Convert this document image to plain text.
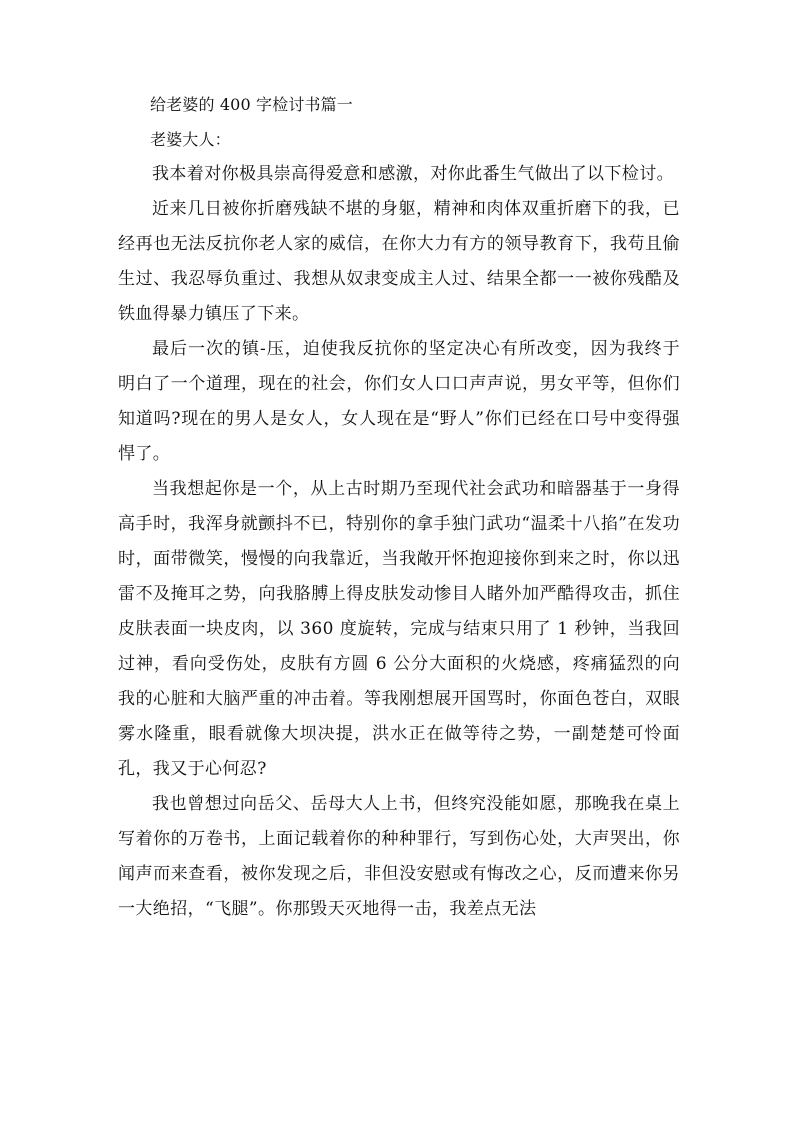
给老婆的 400 字检讨书篇一

老婆大人：

我本着对你极具崇高得爱意和感激，对你此番生气做出了以下检讨。

近来几日被你折磨残缺不堪的身躯，精神和肉体双重折磨下的我，已经再也无法反抗你老人家的威信，在你大力有方的领导教育下，我苟且偷生过、我忍辱负重过、我想从奴隶变成主人过、结果全都一一被你残酷及铁血得暴力镇压了下来。

最后一次的镇-压，迫使我反抗你的坚定决心有所改变，因为我终于明白了一个道理，现在的社会，你们女人口口声声说，男女平等，但你们知道吗?现在的男人是女人，女人现在是“野人”你们已经在口号中变得强悍了。

当我想起你是一个，从上古时期乃至现代社会武功和暗器基于一身得高手时，我浑身就颤抖不已，特别你的拿手独门武功“温柔十八掐”在发功时，面带微笑，慢慢的向我靠近，当我敞开怀抱迎接你到来之时，你以迅雷不及掩耳之势，向我胳膊上得皮肤发动惨目人睹外加严酷得攻击，抓住皮肤表面一块皮肉，以 360 度旋转，完成与结束只用了 1 秒钟，当我回过神，看向受伤处，皮肤有方圆 6 公分大面积的火烧感，疼痛猛烈的向我的心脏和大脑严重的冲击着。等我刚想展开国骂时，你面色苍白，双眼雾水隆重，眼看就像大坝决提，洪水正在做等待之势，一副楚楚可怜面孔，我又于心何忍?

我也曾想过向岳父、岳母大人上书，但终究没能如愿，那晚我在桌上写着你的万卷书，上面记载着你的种种罪行，写到伤心处，大声哭出，你闻声而来查看，被你发现之后，非但没安慰或有悔改之心，反而遭来你另一大绝招，“飞腿”。你那毁天灭地得一击，我差点无法
